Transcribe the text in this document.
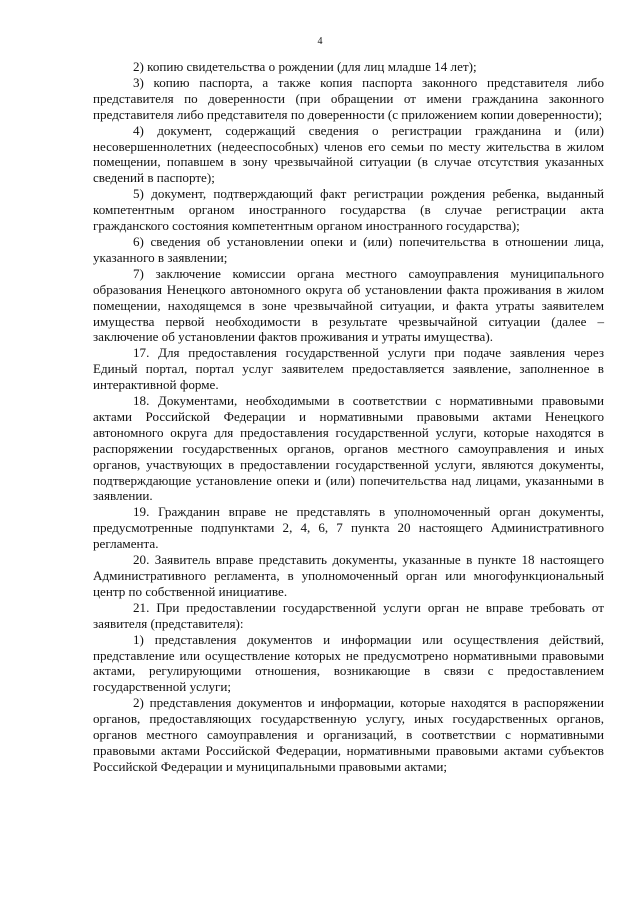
4

2) копию свидетельства о рождении (для лиц младше 14 лет);

3) копию паспорта, а также копия паспорта законного представителя либо представителя по доверенности (при обращении от имени гражданина законного представителя либо представителя по доверенности (с приложением копии доверенности);

4) документ, содержащий сведения о регистрации гражданина и (или) несовершеннолетних (недееспособных) членов его семьи по месту жительства в жилом помещении, попавшем в зону чрезвычайной ситуации (в случае отсутствия указанных сведений в паспорте);

5) документ, подтверждающий факт регистрации рождения ребенка, выданный компетентным органом иностранного государства (в случае регистрации акта гражданского состояния компетентным органом иностранного государства);

6) сведения об установлении опеки и (или) попечительства в отношении лица, указанного в заявлении;

7) заключение комиссии органа местного самоуправления муниципального образования Ненецкого автономного округа об установлении факта проживания в жилом помещении, находящемся в зоне чрезвычайной ситуации, и факта утраты заявителем имущества первой необходимости в результате чрезвычайной ситуации (далее – заключение об установлении фактов проживания и утраты имущества).

17. Для предоставления государственной услуги при подаче заявления через Единый портал, портал услуг заявителем предоставляется заявление, заполненное в интерактивной форме.

18. Документами, необходимыми в соответствии с нормативными правовыми актами Российской Федерации и нормативными правовыми актами Ненецкого автономного округа для предоставления государственной услуги, которые находятся в распоряжении государственных органов, органов местного самоуправления и иных органов, участвующих в предоставлении государственной услуги, являются документы, подтверждающие установление опеки и (или) попечительства над лицами, указанными в заявлении.

19. Гражданин вправе не представлять в уполномоченный орган документы, предусмотренные подпунктами 2, 4, 6, 7 пункта 20 настоящего Административного регламента.

20. Заявитель вправе представить документы, указанные в пункте 18 настоящего Административного регламента, в уполномоченный орган или многофункциональный центр по собственной инициативе.

21. При предоставлении государственной услуги орган не вправе требовать от заявителя (представителя):

1) представления документов и информации или осуществления действий, представление или осуществление которых не предусмотрено нормативными правовыми актами, регулирующими отношения, возникающие в связи с предоставлением государственной услуги;

2) представления документов и информации, которые находятся в распоряжении органов, предоставляющих государственную услугу, иных государственных органов, органов местного самоуправления и организаций, в соответствии с нормативными правовыми актами Российской Федерации, нормативными правовыми актами субъектов Российской Федерации и муниципальными правовыми актами;
